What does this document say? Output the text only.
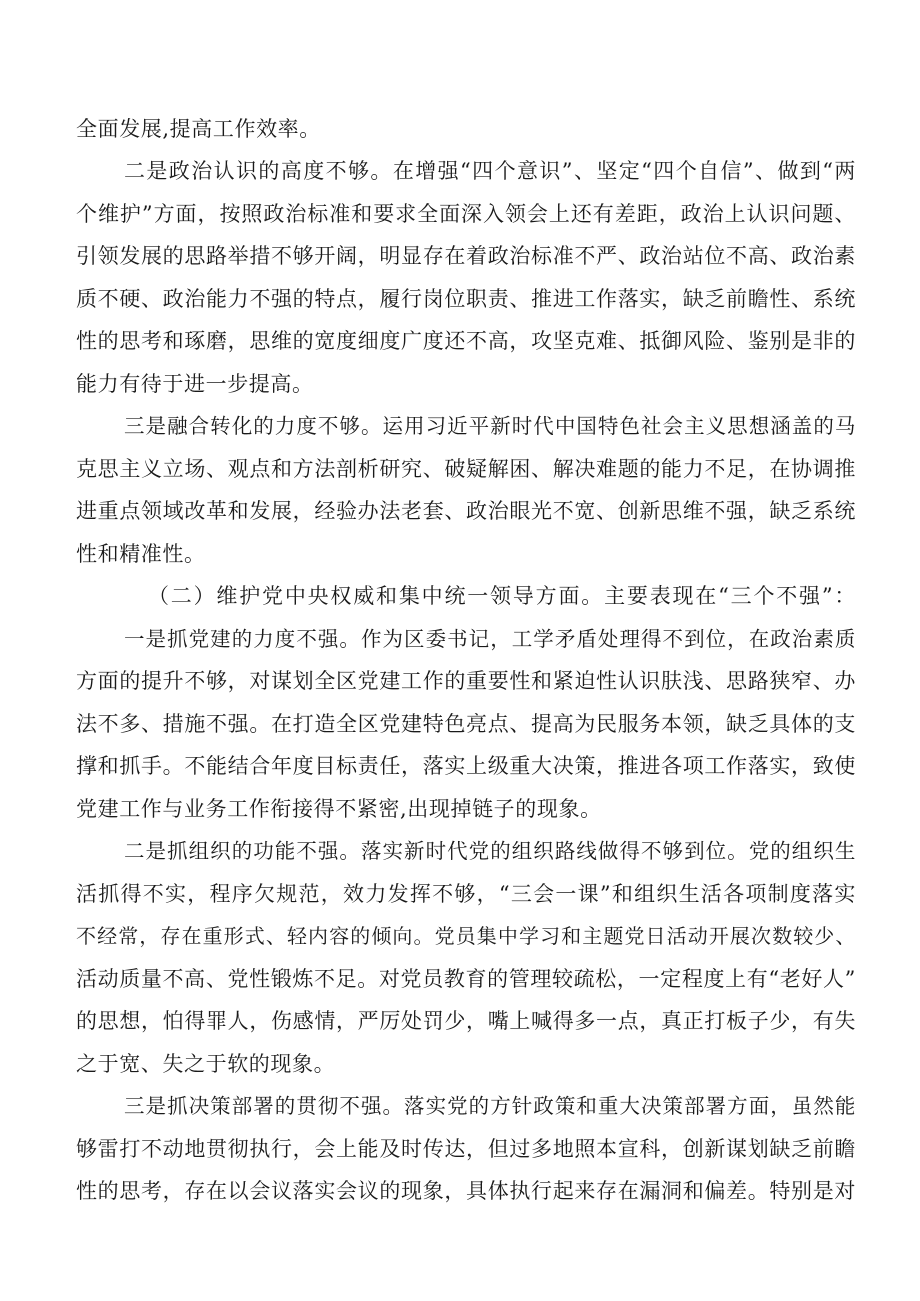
全面发展,提高工作效率。
二是政治认识的高度不够。在增强“四个意识”、坚定“四个自信”、做到“两
个维护”方面，按照政治标准和要求全面深入领会上还有差距，政治上认识问题、
引领发展的思路举措不够开阔，明显存在着政治标准不严、政治站位不高、政治素
质不硬、政治能力不强的特点，履行岗位职责、推进工作落实，缺乏前瞻性、系统
性的思考和琢磨，思维的宽度细度广度还不高，攻坚克难、抵御风险、鉴别是非的
能力有待于进一步提高。
三是融合转化的力度不够。运用习近平新时代中国特色社会主义思想涵盖的马
克思主义立场、观点和方法剖析研究、破疑解困、解决难题的能力不足，在协调推
进重点领域改革和发展，经验办法老套、政治眼光不宽、创新思维不强，缺乏系统
性和精准性。
（二）维护党中央权威和集中统一领导方面。主要表现在“三个不强”：
一是抓党建的力度不强。作为区委书记，工学矛盾处理得不到位，在政治素质
方面的提升不够，对谋划全区党建工作的重要性和紧迫性认识肤浅、思路狭窄、办
法不多、措施不强。在打造全区党建特色亮点、提高为民服务本领，缺乏具体的支
撑和抓手。不能结合年度目标责任，落实上级重大决策，推进各项工作落实，致使
党建工作与业务工作衔接得不紧密,出现掉链子的现象。
二是抓组织的功能不强。落实新时代党的组织路线做得不够到位。党的组织生
活抓得不实，程序欠规范，效力发挥不够，“三会一课”和组织生活各项制度落实
不经常，存在重形式、轻内容的倾向。党员集中学习和主题党日活动开展次数较少、
活动质量不高、党性锻炼不足。对党员教育的管理较疏松，一定程度上有“老好人”
的思想，怕得罪人，伤感情，严厉处罚少，嘴上喊得多一点，真正打板子少，有失
之于宽、失之于软的现象。
三是抓决策部署的贯彻不强。落实党的方针政策和重大决策部署方面，虽然能
够雷打不动地贯彻执行，会上能及时传达，但过多地照本宣科，创新谋划缺乏前瞻
性的思考，存在以会议落实会议的现象，具体执行起来存在漏洞和偏差。特别是对
